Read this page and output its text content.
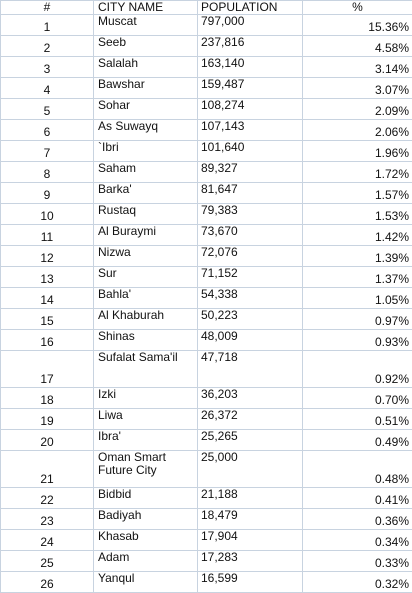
#	CITY NAME	POPULATION	%
1	Muscat	797,000	15.36%
2	Seeb	237,816	4.58%
3	Salalah	163,140	3.14%
4	Bawshar	159,487	3.07%
5	Sohar	108,274	2.09%
6	As Suwayq	107,143	2.06%
7	`Ibri	101,640	1.96%
8	Saham	89,327	1.72%
9	Barka'	81,647	1.57%
10	Rustaq	79,383	1.53%
11	Al Buraymi	73,670	1.42%
12	Nizwa	72,076	1.39%
13	Sur	71,152	1.37%
14	Bahla'	54,338	1.05%
15	Al Khaburah	50,223	0.97%
16	Shinas	48,009	0.93%
17	Sufalat Sama'il	47,718	0.92%
18	Izki	36,203	0.70%
19	Liwa	26,372	0.51%
20	Ibra'	25,265	0.49%
21	Oman Smart Future City	25,000	0.48%
22	Bidbid	21,188	0.41%
23	Badiyah	18,479	0.36%
24	Khasab	17,904	0.34%
25	Adam	17,283	0.33%
26	Yanqul	16,599	0.32%
